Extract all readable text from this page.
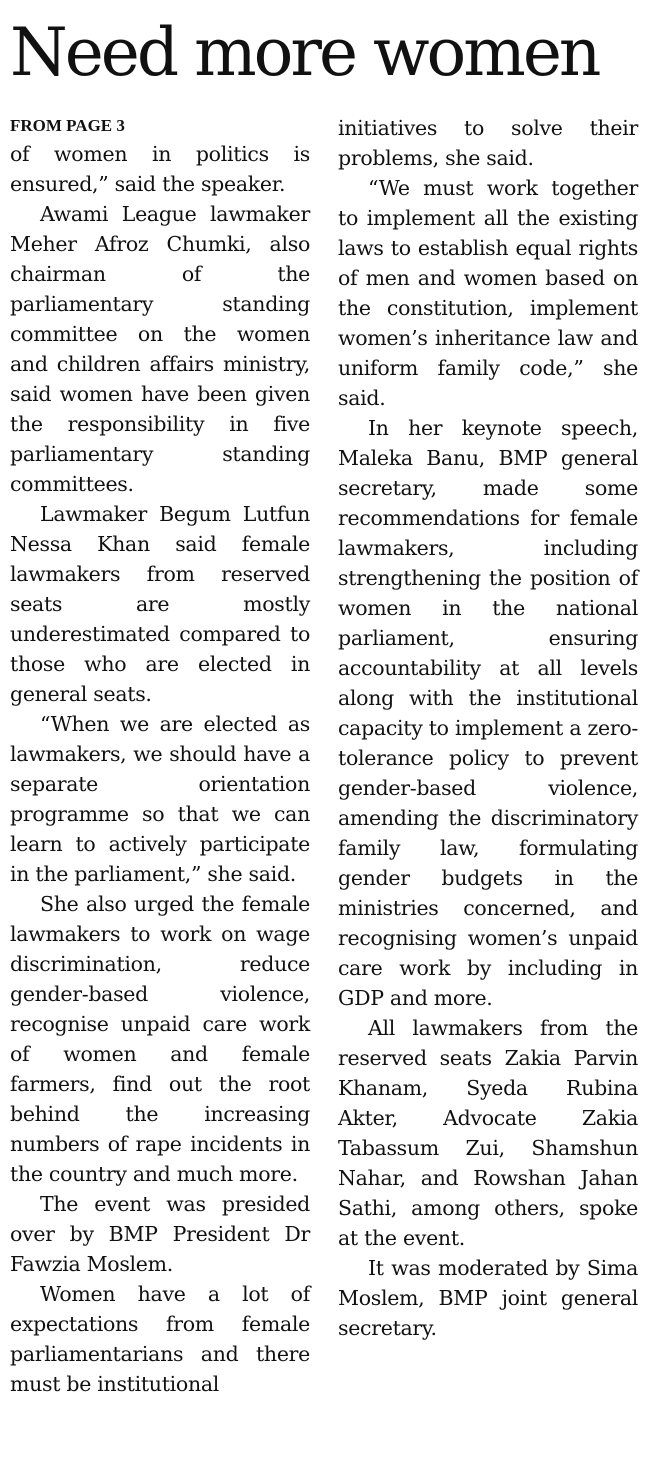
Need more women
FROM PAGE 3

of women in politics is ensured,” said the speaker.

Awami League lawmaker Meher Afroz Chumki, also chairman of the parliamentary standing committee on the women and children affairs ministry, said women have been given the responsibility in five parliamentary standing committees.

Lawmaker Begum Lutfun Nessa Khan said female lawmakers from reserved seats are mostly underestimated compared to those who are elected in general seats.

“When we are elected as lawmakers, we should have a separate orientation programme so that we can learn to actively participate in the parliament,” she said.

She also urged the female lawmakers to work on wage discrimination, reduce gender-based violence, recognise unpaid care work of women and female farmers, find out the root behind the increasing numbers of rape incidents in the country and much more.

The event was presided over by BMP President Dr Fawzia Moslem.

Women have a lot of expectations from female parliamentarians and there must be institutional

initiatives to solve their problems, she said.

“We must work together to implement all the existing laws to establish equal rights of men and women based on the constitution, implement women’s inheritance law and uniform family code,” she said.

In her keynote speech, Maleka Banu, BMP general secretary, made some recommendations for female lawmakers, including strengthening the position of women in the national parliament, ensuring accountability at all levels along with the institutional capacity to implement a zero-tolerance policy to prevent gender-based violence, amending the discriminatory family law, formulating gender budgets in the ministries concerned, and recognising women’s unpaid care work by including in GDP and more.

All lawmakers from the reserved seats Zakia Parvin Khanam, Syeda Rubina Akter, Advocate Zakia Tabassum Zui, Shamshun Nahar, and Rowshan Jahan Sathi, among others, spoke at the event.

It was moderated by Sima Moslem, BMP joint general secretary.
